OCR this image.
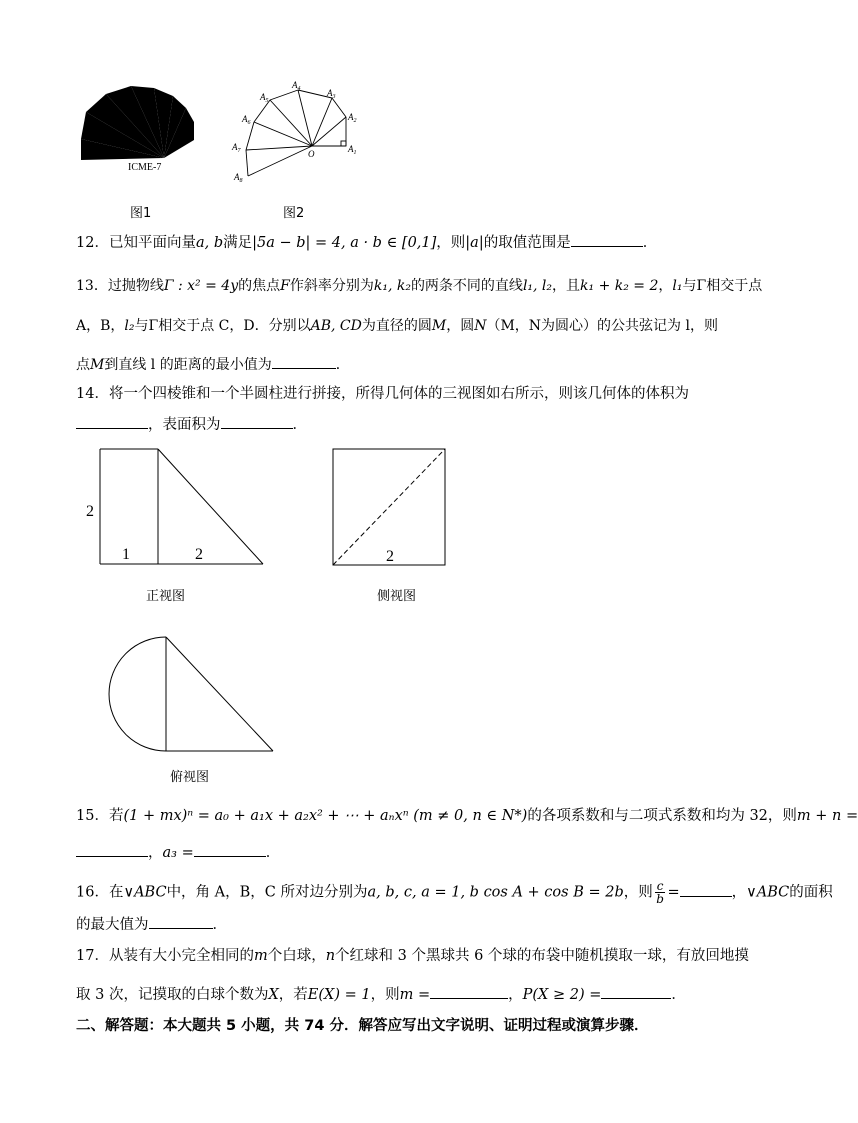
ICME-7
图1
$A_1$
$A_2$
$A_3$
$A_4$
$A_5$
$A_6$
$A_7$
$A_8$
O
图2
12．已知平面向量a, b满足|5a − b| = 4, a · b ∈ [0,1]，则|a|的取值范围是	．
13．过抛物线Γ : x² = 4y的焦点F作斜率分别为k₁, k₂的两条不同的直线l₁, l₂，且k₁ + k₂ = 2，l₁与Γ相交于点
A，B，l₂与Γ相交于点 C，D．分别以AB, CD为直径的圆M，圆N（M，N为圆心）的公共弦记为 l，则
点M到直线 l 的距离的最小值为	．
14．将一个四棱锥和一个半圆柱进行拼接，所得几何体的三视图如右所示，则该几何体的体积为
，表面积为	．
2
1	2
正视图
2
侧视图
俯视图
15．若(1 + mx)ⁿ = a₀ + a₁x + a₂x² + ⋯ + aₙxⁿ (m ≠ 0, n ∈ N*)的各项系数和与二项式系数和均为 32，则m + n =
，a₃ =	．
16．在∨ABC中，角 A，B，C 所对边分别为a, b, c, a = 1, b cos A + cos B = 2b，则 $\frac{c}{b}$ =	，∨ABC的面积
的最大值为	．
17．从装有大小完全相同的m个白球，n个红球和 3 个黑球共 6 个球的布袋中随机摸取一球，有放回地摸
取 3 次，记摸取的白球个数为X，若E(X) = 1，则m =	，P(X ≥ 2) =	．
二、解答题：本大题共 5 小题，共 74 分．解答应写出文字说明、证明过程或演算步骤．
